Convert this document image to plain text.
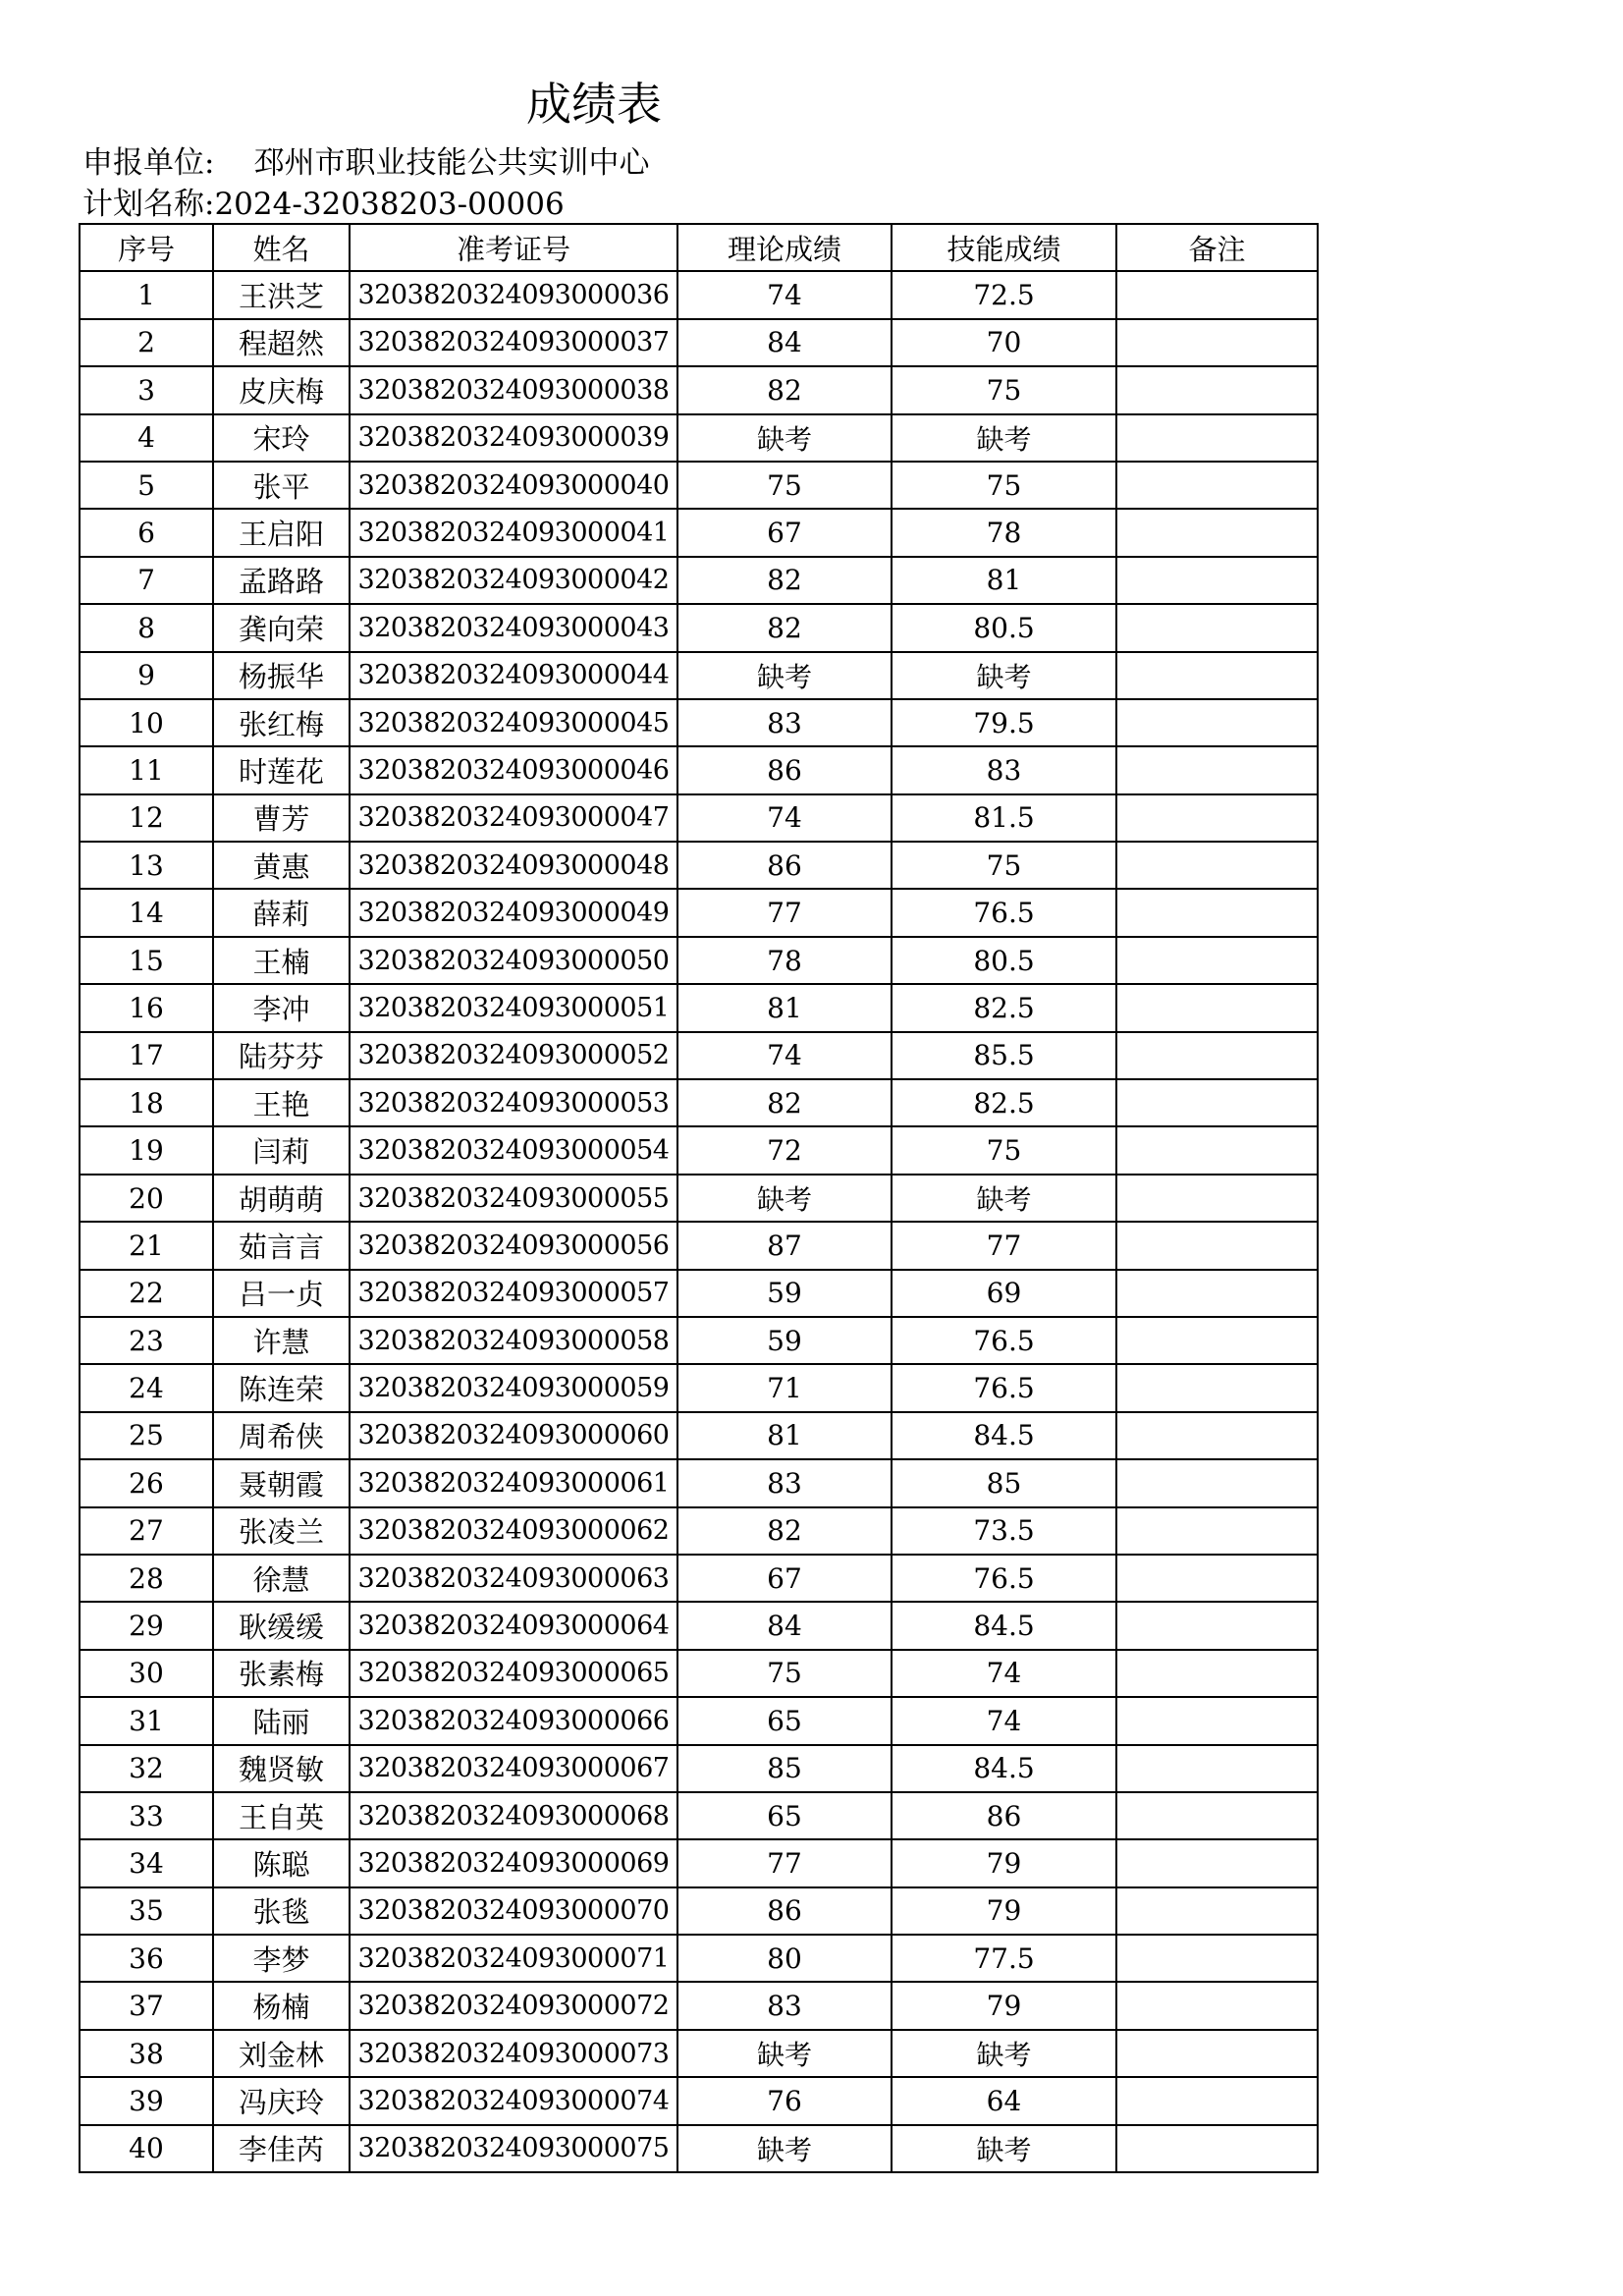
成绩表
申报单位: 邳州市职业技能公共实训中心
计划名称:2024-32038203-00006
序号	姓名	准考证号	理论成绩	技能成绩	备注
1	王洪芝	3203820324093000036	74	72.5	
2	程超然	3203820324093000037	84	70	
3	皮庆梅	3203820324093000038	82	75	
4	宋玲	3203820324093000039	缺考	缺考	
5	张平	3203820324093000040	75	75	
6	王启阳	3203820324093000041	67	78	
7	孟路路	3203820324093000042	82	81	
8	龚向荣	3203820324093000043	82	80.5	
9	杨振华	3203820324093000044	缺考	缺考	
10	张红梅	3203820324093000045	83	79.5	
11	时莲花	3203820324093000046	86	83	
12	曹芳	3203820324093000047	74	81.5	
13	黄惠	3203820324093000048	86	75	
14	薛莉	3203820324093000049	77	76.5	
15	王楠	3203820324093000050	78	80.5	
16	李冲	3203820324093000051	81	82.5	
17	陆芬芬	3203820324093000052	74	85.5	
18	王艳	3203820324093000053	82	82.5	
19	闫莉	3203820324093000054	72	75	
20	胡萌萌	3203820324093000055	缺考	缺考	
21	茹言言	3203820324093000056	87	77	
22	吕一贞	3203820324093000057	59	69	
23	许慧	3203820324093000058	59	76.5	
24	陈连荣	3203820324093000059	71	76.5	
25	周希侠	3203820324093000060	81	84.5	
26	聂朝霞	3203820324093000061	83	85	
27	张凌兰	3203820324093000062	82	73.5	
28	徐慧	3203820324093000063	67	76.5	
29	耿缓缓	3203820324093000064	84	84.5	
30	张素梅	3203820324093000065	75	74	
31	陆丽	3203820324093000066	65	74	
32	魏贤敏	3203820324093000067	85	84.5	
33	王自英	3203820324093000068	65	86	
34	陈聪	3203820324093000069	77	79	
35	张毯	3203820324093000070	86	79	
36	李梦	3203820324093000071	80	77.5	
37	杨楠	3203820324093000072	83	79	
38	刘金林	3203820324093000073	缺考	缺考	
39	冯庆玲	3203820324093000074	76	64	
40	李佳芮	3203820324093000075	缺考	缺考	
